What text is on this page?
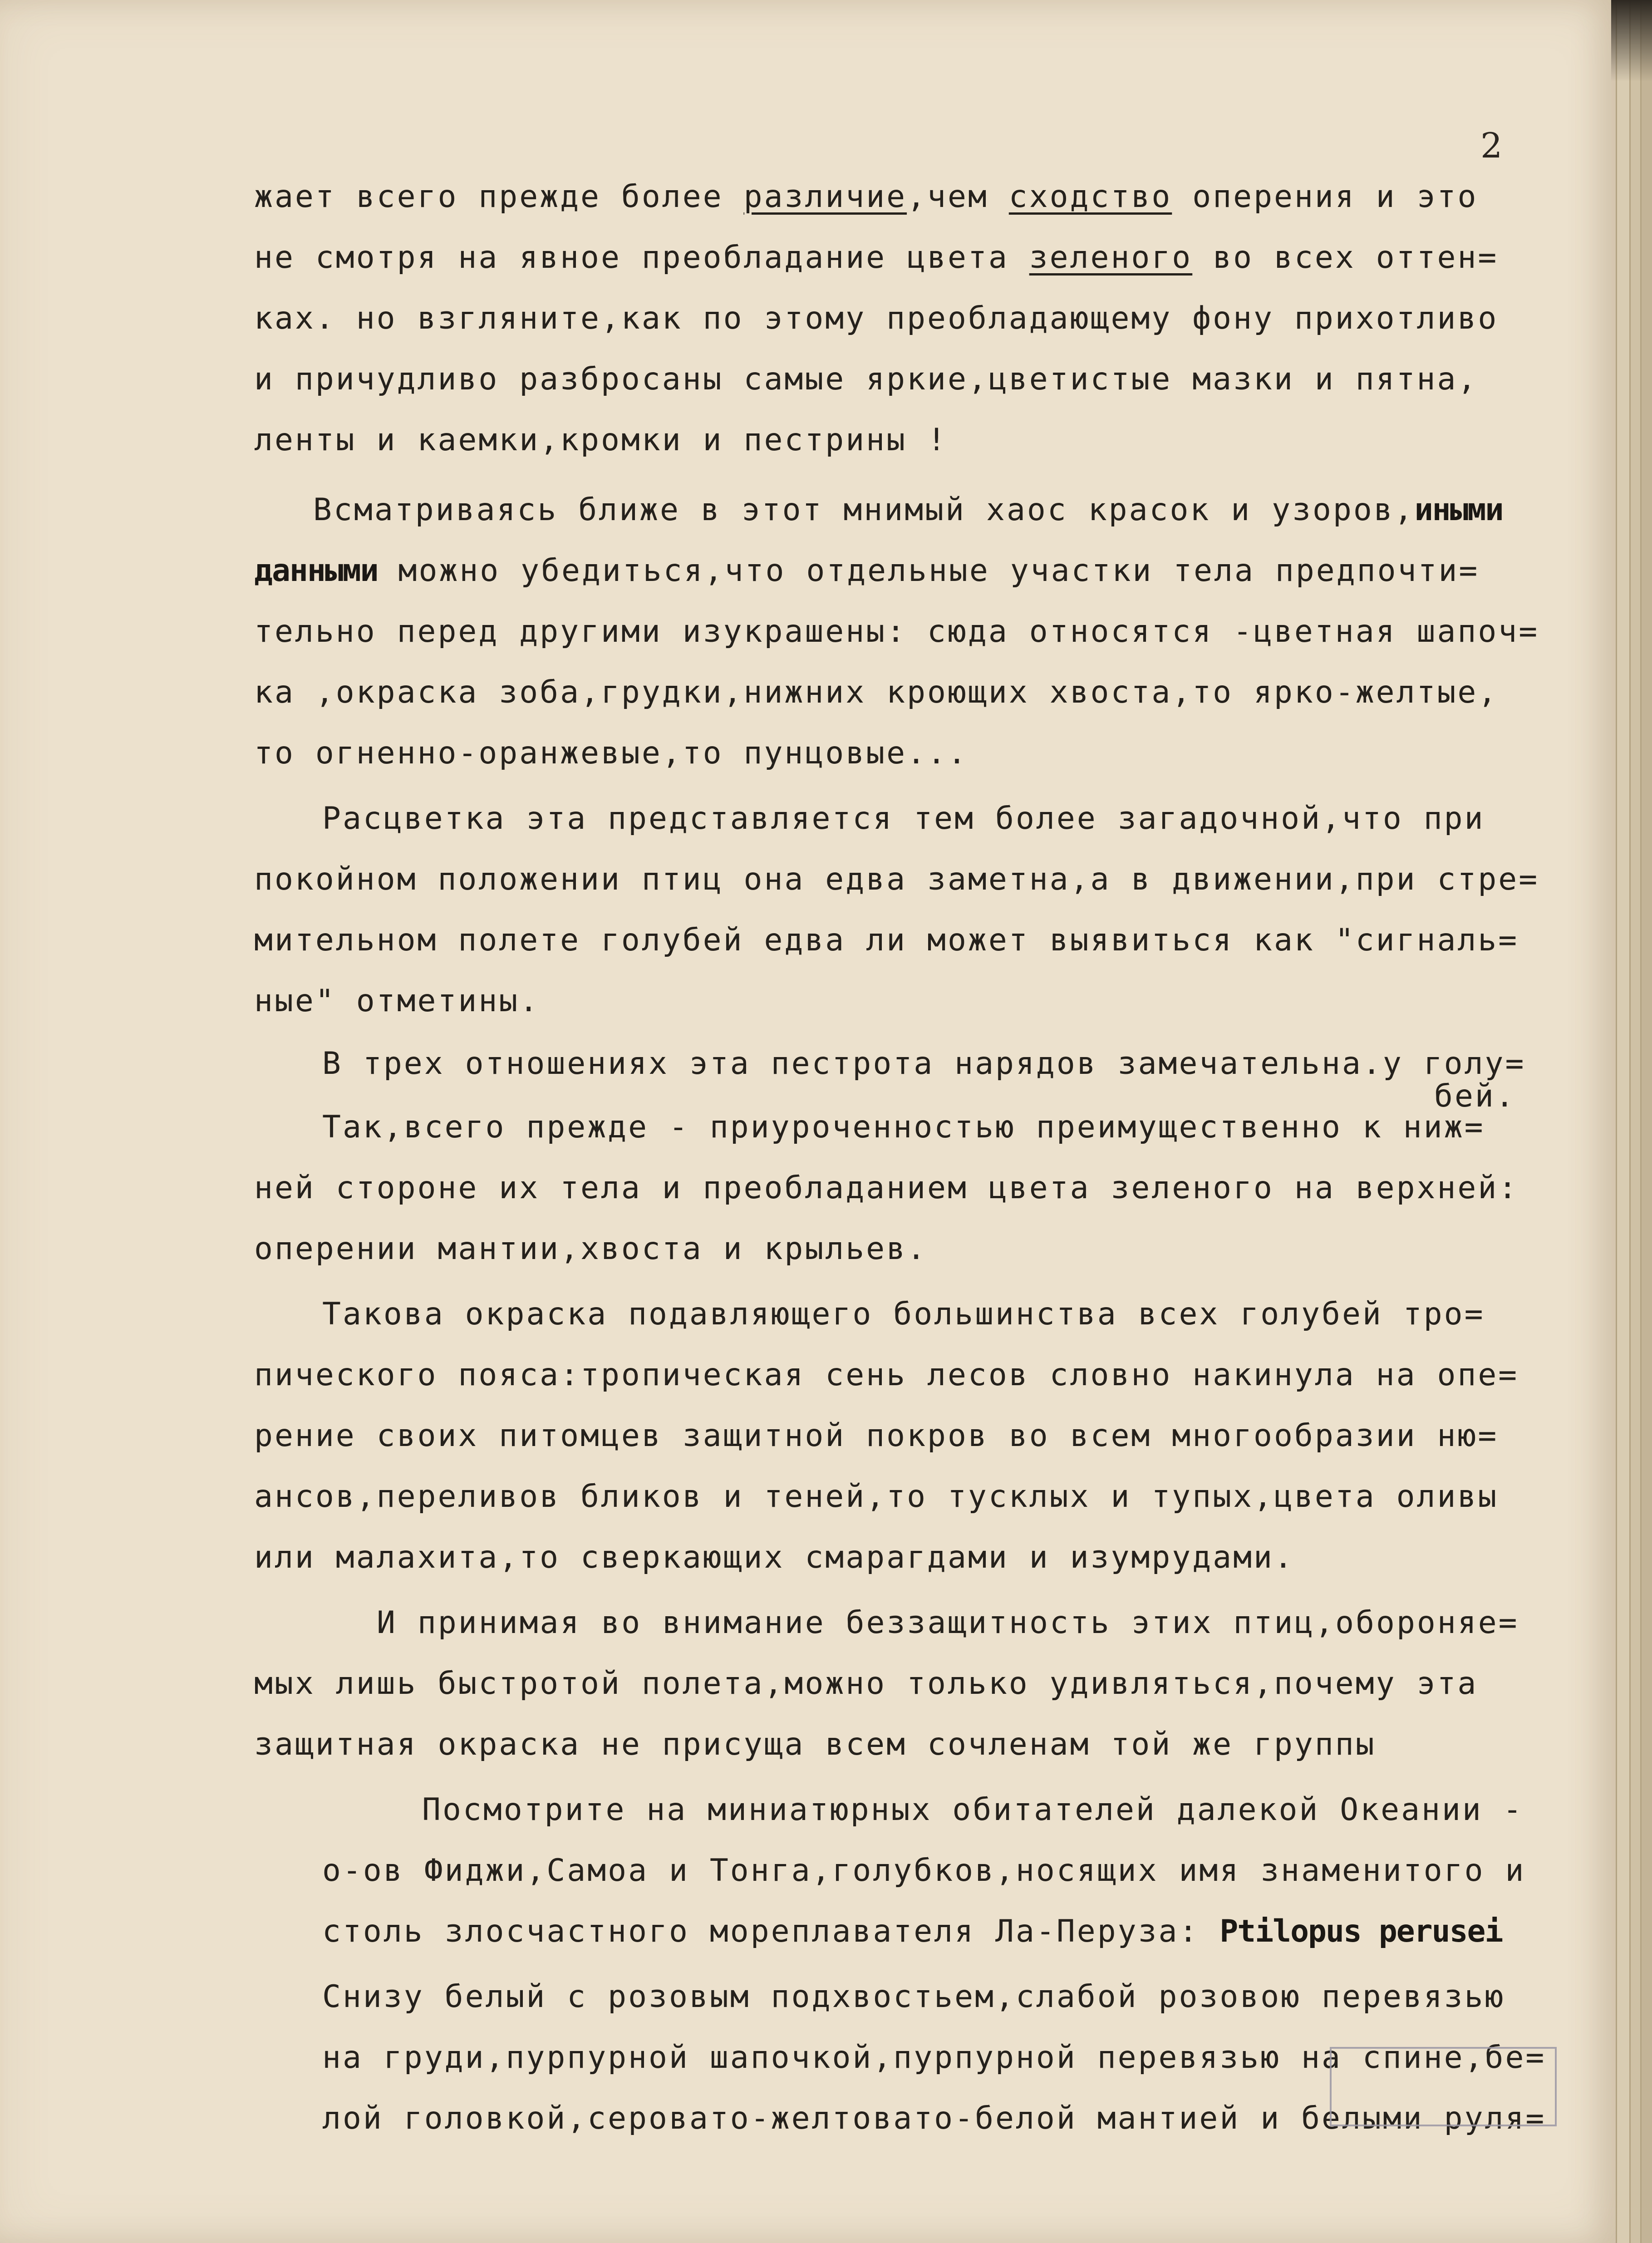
2
жает всего прежде более различие,чем сходство оперения и это
не смотря на явное преобладание цвета зеленого во всех оттен=
ках. но взгляните,как по этому преобладающему фону прихотливо
и причудливо разбросаны самые яркие,цветистые мазки и пятна,
ленты и каемки,кромки и пестрины !
Всматриваясь ближе в этот мнимый хаос красок и узоров,иными
данными можно убедиться,что отдельные участки тела предпочти=
тельно перед другими изукрашены: сюда относятся -цветная шапоч=
ка ,окраска зоба,грудки,нижних кроющих хвоста,то ярко-желтые,
то огненно-оранжевые,то пунцовые...
Расцветка эта представляется тем более загадочной,что при
покойном положении птиц она едва заметна,а в движении,при стре=
мительном полете голубей едва ли может выявиться как "сигналь=
ные" отметины.
В трех отношениях эта пестрота нарядов замечательна.у голу=
бей.
Так,всего прежде - приуроченностью преимущественно к ниж=
ней стороне их тела и преобладанием цвета зеленого на верхней:
оперении мантии,хвоста и крыльев.
Такова окраска подавляющего большинства всех голубей тро=
пического пояса:тропическая сень лесов словно накинула на опе=
рение своих питомцев защитной покров во всем многообразии ню=
ансов,переливов бликов и теней,то тусклых и тупых,цвета оливы
или малахита,то сверкающих смарагдами и изумрудами.
И принимая во внимание беззащитность этих птиц,обороняе=
мых лишь быстротой полета,можно только удивляться,почему эта
защитная окраска не присуща всем сочленам той же группы
Посмотрите на миниатюрных обитателей далекой Океании -
о-ов Фиджи,Самоа и Тонга,голубков,носящих имя знаменитого и
столь злосчастного мореплавателя Ла-Перуза: Ptilopus perusei
Снизу белый с розовым подхвостьем,слабой розовою перевязью
на груди,пурпурной шапочкой,пурпурной перевязью на спине,бе=
лой головкой,серовато-желтовато-белой мантией и белыми руля=
